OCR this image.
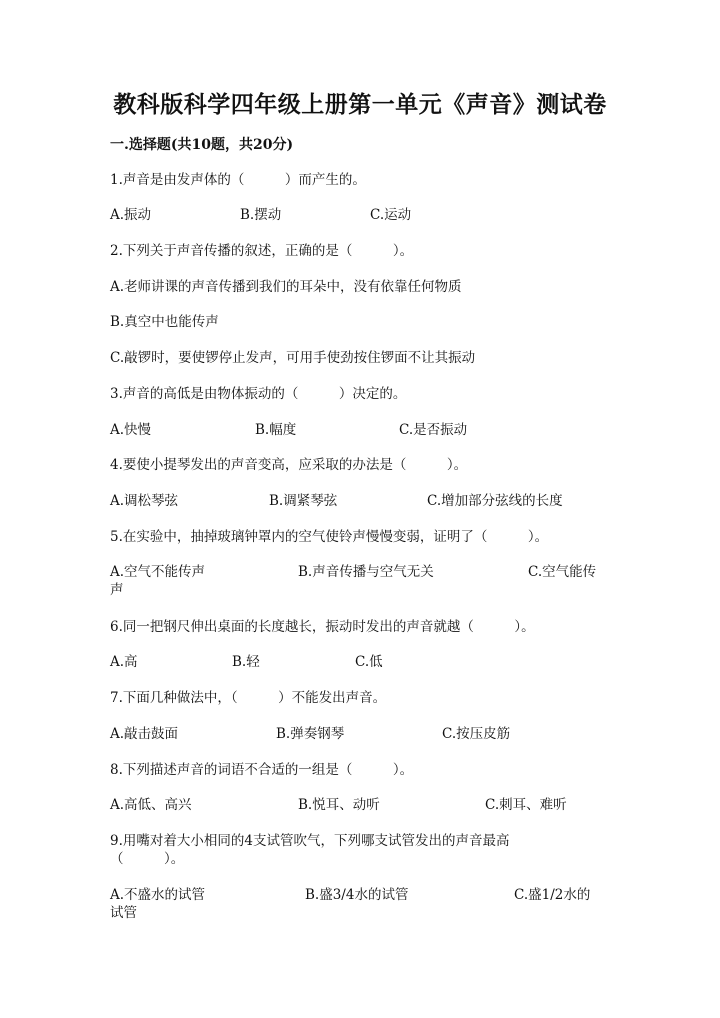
教科版科学四年级上册第一单元《声音》测试卷
一.选择题(共10题，共20分)
1.声音是由发声体的（　　　）而产生的。
A.振动	B.摆动	C.运动
2.下列关于声音传播的叙述，正确的是（　　　）。
A.老师讲课的声音传播到我们的耳朵中，没有依靠任何物质
B.真空中也能传声
C.敲锣时，要使锣停止发声，可用手使劲按住锣面不让其振动
3.声音的高低是由物体振动的（　　　）决定的。
A.快慢	B.幅度	C.是否振动
4.要使小提琴发出的声音变高，应采取的办法是（　　　）。
A.调松琴弦	B.调紧琴弦	C.增加部分弦线的长度
5.在实验中，抽掉玻璃钟罩内的空气使铃声慢慢变弱，证明了（　　　）。
A.空气不能传声	B.声音传播与空气无关	C.空气能传
声
6.同一把钢尺伸出桌面的长度越长，振动时发出的声音就越（　　　）。
A.高	B.轻	C.低
7.下面几种做法中，（　　　）不能发出声音。
A.敲击鼓面	B.弹奏钢琴	C.按压皮筋
8.下列描述声音的词语不合适的一组是（　　　）。
A.高低、高兴	B.悦耳、动听	C.刺耳、难听
9.用嘴对着大小相同的4支试管吹气，下列哪支试管发出的声音最高
（　　　）。
A.不盛水的试管	B.盛3/4水的试管	C.盛1/2水的
试管
